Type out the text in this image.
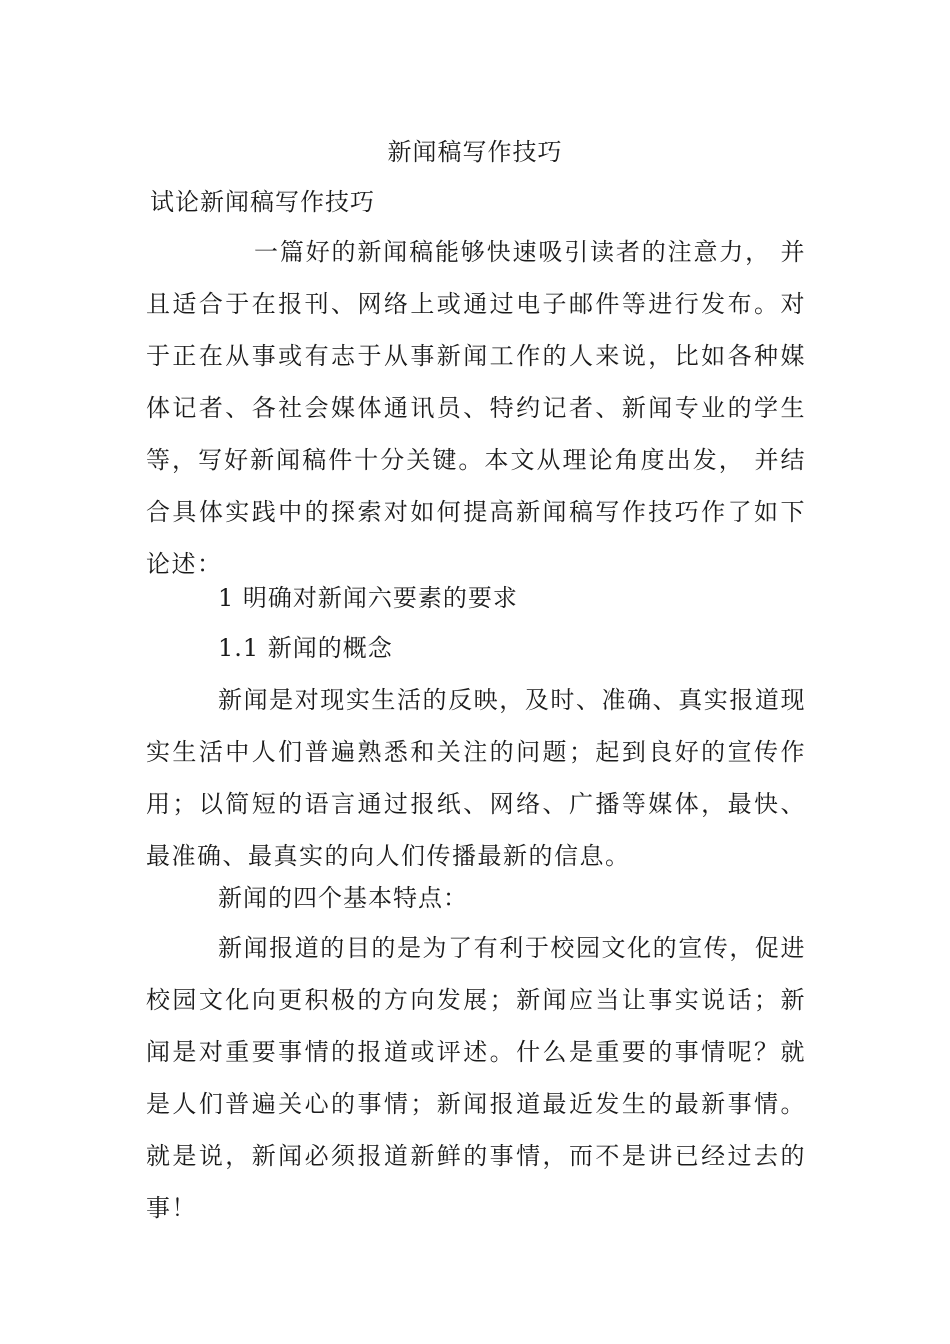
新闻稿写作技巧
试论新闻稿写作技巧
一篇好的新闻稿能够快速吸引读者的注意力， 并且适合于在报刊、网络上或通过电子邮件等进行发布。对于正在从事或有志于从事新闻工作的人来说，比如各种媒体记者、各社会媒体通讯员、特约记者、新闻专业的学生等，写好新闻稿件十分关键。本文从理论角度出发， 并结合具体实践中的探索对如何提高新闻稿写作技巧作了如下论述：
1 明确对新闻六要素的要求
1.1 新闻的概念
新闻是对现实生活的反映，及时、准确、真实报道现实生活中人们普遍熟悉和关注的问题；起到良好的宣传作用；以简短的语言通过报纸、网络、广播等媒体，最快、最准确、最真实的向人们传播最新的信息。
新闻的四个基本特点：
新闻报道的目的是为了有利于校园文化的宣传，促进校园文化向更积极的方向发展；新闻应当让事实说话；新闻是对重要事情的报道或评述。什么是重要的事情呢？就是人们普遍关心的事情；新闻报道最近发生的最新事情。就是说，新闻必须报道新鲜的事情，而不是讲已经过去的事！
